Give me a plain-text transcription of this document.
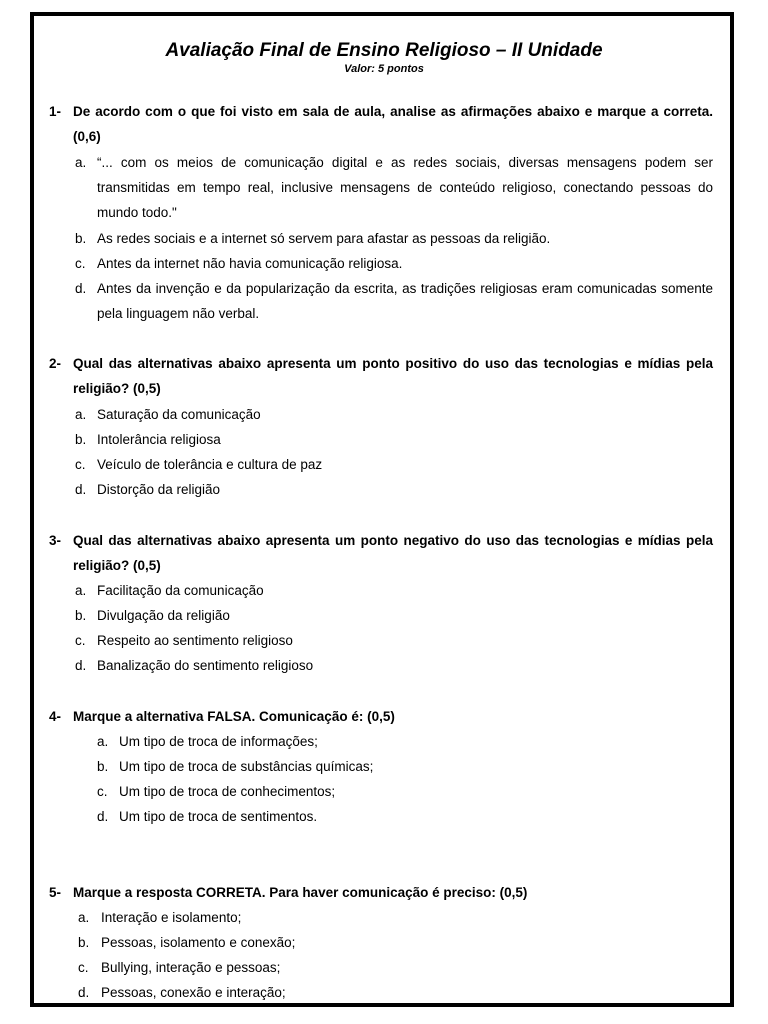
Avaliação Final de Ensino Religioso – II Unidade
Valor: 5 pontos
1- De acordo com o que foi visto em sala de aula, analise as afirmações abaixo e marque a correta. (0,6)
a. “... com os meios de comunicação digital e as redes sociais, diversas mensagens podem ser transmitidas em tempo real, inclusive mensagens de conteúdo religioso, conectando pessoas do mundo todo."
b. As redes sociais e a internet só servem para afastar as pessoas da religião.
c. Antes da internet não havia comunicação religiosa.
d. Antes da invenção e da popularização da escrita, as tradições religiosas eram comunicadas somente pela linguagem não verbal.
2- Qual das alternativas abaixo apresenta um ponto positivo do uso das tecnologias e mídias pela religião? (0,5)
a. Saturação da comunicação
b. Intolerância religiosa
c. Veículo de tolerância e cultura de paz
d. Distorção da religião
3- Qual das alternativas abaixo apresenta um ponto negativo do uso das tecnologias e mídias pela religião? (0,5)
a. Facilitação da comunicação
b. Divulgação da religião
c. Respeito ao sentimento religioso
d. Banalização do sentimento religioso
4- Marque a alternativa FALSA. Comunicação é: (0,5)
a. Um tipo de troca de informações;
b. Um tipo de troca de substâncias químicas;
c. Um tipo de troca de conhecimentos;
d. Um tipo de troca de sentimentos.
5- Marque a resposta CORRETA. Para haver comunicação é preciso: (0,5)
a. Interação e isolamento;
b. Pessoas, isolamento e conexão;
c. Bullying, interação e pessoas;
d. Pessoas, conexão e interação;
